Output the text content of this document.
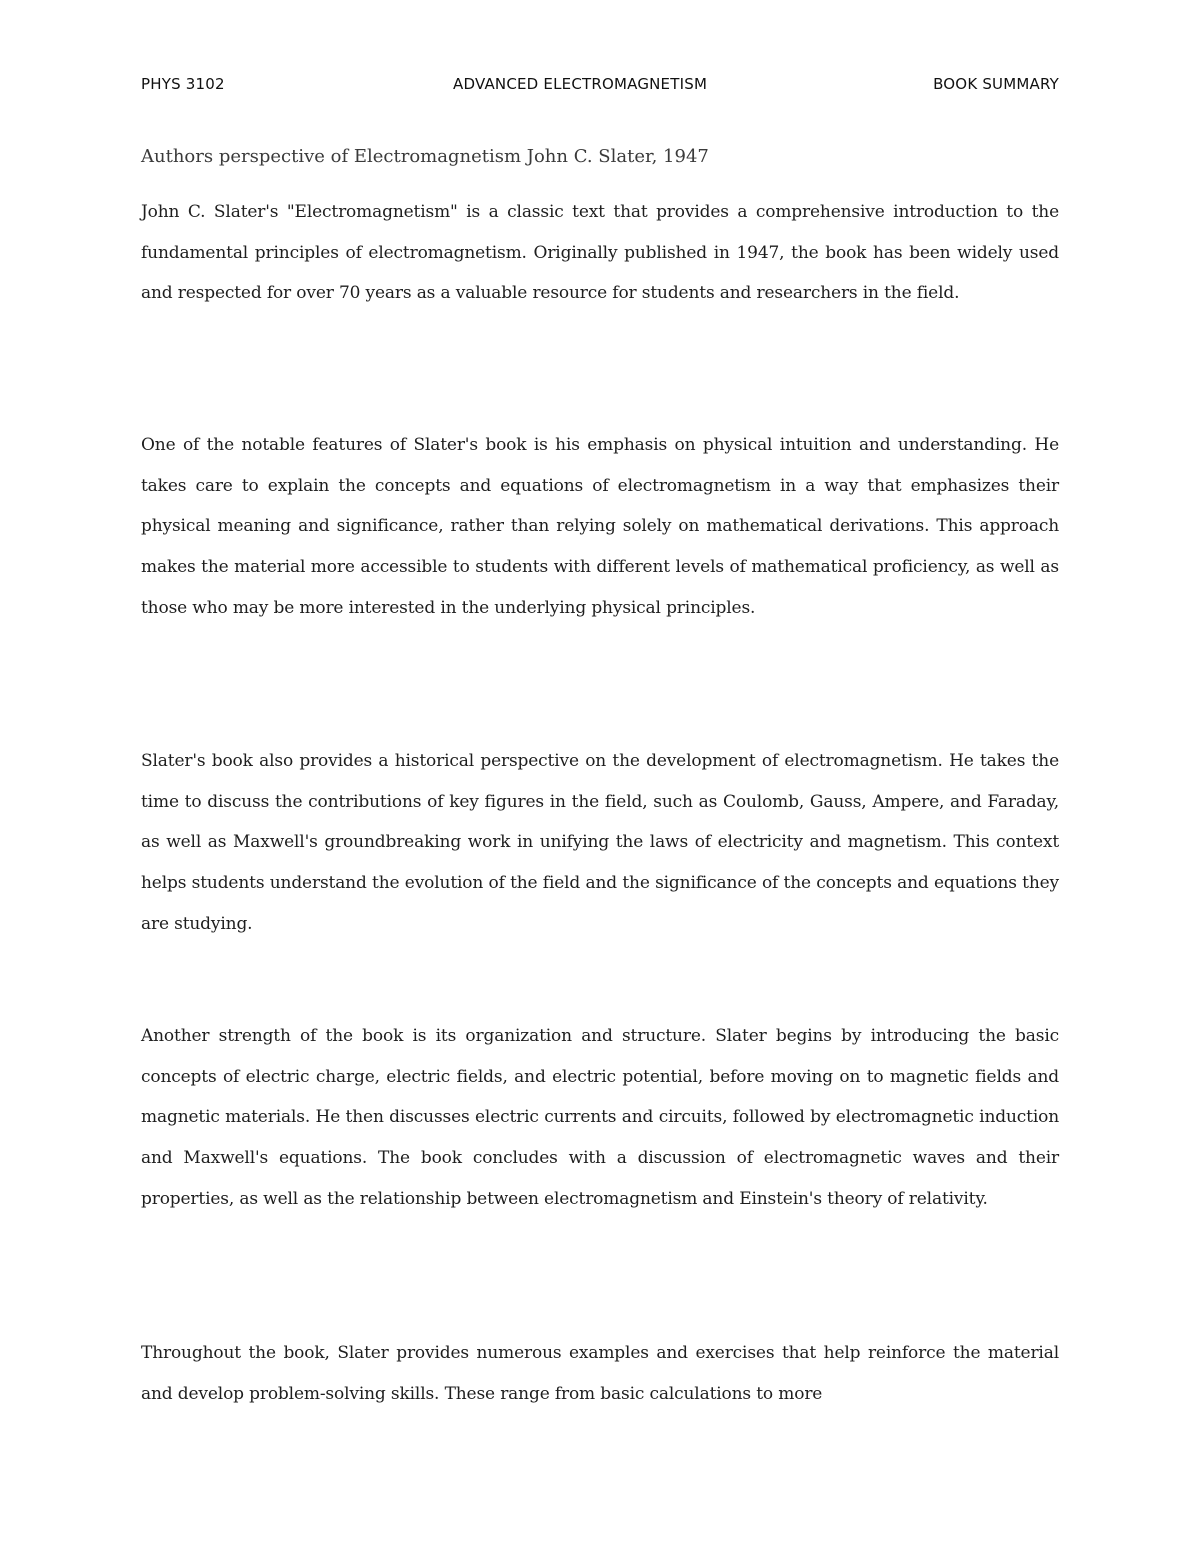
PHYS 3102	ADVANCED ELECTROMAGNETISM	BOOK SUMMARY
Authors perspective of Electromagnetism John C. Slater, 1947

John C. Slater's "Electromagnetism" is a classic text that provides a comprehensive introduction to the fundamental principles of electromagnetism. Originally published in 1947, the book has been widely used and respected for over 70 years as a valuable resource for students and researchers in the field.

One of the notable features of Slater's book is his emphasis on physical intuition and understanding. He takes care to explain the concepts and equations of electromagnetism in a way that emphasizes their physical meaning and significance, rather than relying solely on mathematical derivations. This approach makes the material more accessible to students with different levels of mathematical proficiency, as well as those who may be more interested in the underlying physical principles.

Slater's book also provides a historical perspective on the development of electromagnetism. He takes the time to discuss the contributions of key figures in the field, such as Coulomb, Gauss, Ampere, and Faraday, as well as Maxwell's groundbreaking work in unifying the laws of electricity and magnetism. This context helps students understand the evolution of the field and the significance of the concepts and equations they are studying.

Another strength of the book is its organization and structure. Slater begins by introducing the basic concepts of electric charge, electric fields, and electric potential, before moving on to magnetic fields and magnetic materials. He then discusses electric currents and circuits, followed by electromagnetic induction and Maxwell's equations. The book concludes with a discussion of electromagnetic waves and their properties, as well as the relationship between electromagnetism and Einstein's theory of relativity.

Throughout the book, Slater provides numerous examples and exercises that help reinforce the material and develop problem-solving skills. These range from basic calculations to more
